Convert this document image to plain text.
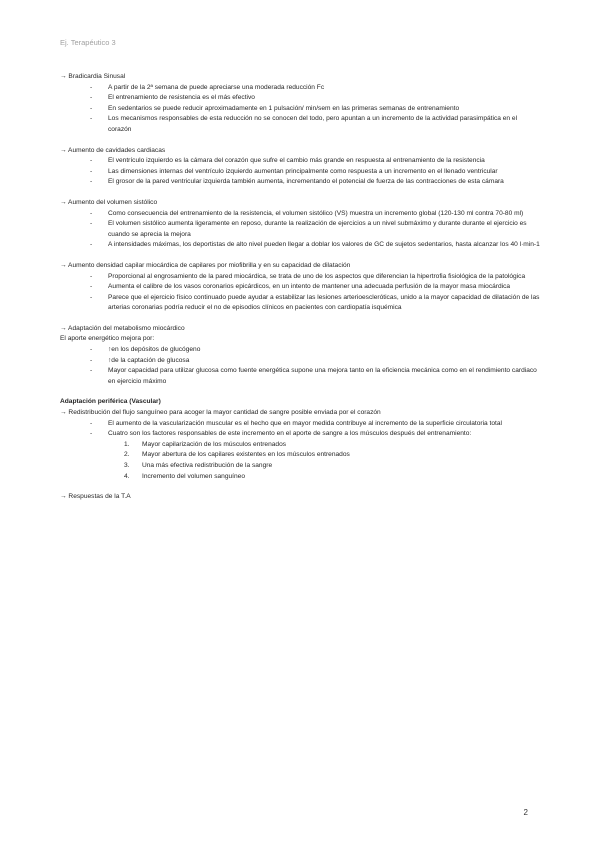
Ej. Terapéutico 3
→ Bradicardia Sinusal
- A partir de la 2ª semana de puede apreciarse una moderada reducción Fc
- El entrenamiento de resistencia es el más efectivo
- En sedentarios se puede reducir aproximadamente en 1 pulsación/ min/sem en las primeras semanas de entrenamiento
- Los mecanismos responsables de esta reducción no se conocen del todo, pero apuntan a un incremento de la actividad parasimpática en el corazón
→ Aumento de cavidades cardiacas
- El ventrículo izquierdo es la cámara del corazón que sufre el cambio más grande en respuesta al entrenamiento de la resistencia
- Las dimensiones internas del ventrículo izquierdo aumentan principalmente como respuesta a un incremento en el llenado ventricular
- El grosor de la pared ventricular izquierda también aumenta, incrementando el potencial de fuerza de las contracciones de esta cámara
→ Aumento del volumen sistólico
- Como consecuencia del entrenamiento de la resistencia, el volumen sistólico (VS) muestra un incremento global (120-130 ml contra 70-80 ml)
- El volumen sistólico aumenta ligeramente en reposo, durante la realización de ejercicios a un nivel submáximo y durante durante el ejercicio es cuando se aprecia la mejora
- A intensidades máximas, los deportistas de alto nivel pueden llegar a doblar los valores de GC de sujetos sedentarios, hasta alcanzar los 40 l·min-1
→ Aumento densidad capilar miocárdica de capilares por miofibrilla y en su capacidad de dilatación
- Proporcional al engrosamiento de la pared miocárdica, se trata de uno de los aspectos que diferencian la hipertrofia fisiológica de la patológica
- Aumenta el calibre de los vasos coronarios epicárdicos, en un intento de mantener una adecuada perfusión de la mayor masa miocárdica
- Parece que el ejercicio físico continuado puede ayudar a estabilizar las lesiones arterioescleróticas, unido a la mayor capacidad de dilatación de las arterias coronarias podría reducir el no de episodios clínicos en pacientes con cardiopatía isquémica
→ Adaptación del metabolismo miocárdico
El aporte energético mejora por:
- ↑en los depósitos de glucógeno
- ↑de la captación de glucosa
- Mayor capacidad para utilizar glucosa como fuente energética supone una mejora tanto en la eficiencia mecánica como en el rendimiento cardiaco en ejercicio máximo
Adaptación periférica (Vascular)
→ Redistribución del flujo sanguíneo para acoger la mayor cantidad de sangre posible enviada por el corazón
- El aumento de la vascularización muscular es el hecho que en mayor medida contribuye al incremento de la superficie circulatoria total
- Cuatro son los factores responsables de este incremento en el aporte de sangre a los músculos después del entrenamiento:
1. Mayor capilarización de los músculos entrenados
2. Mayor abertura de los capilares existentes en los músculos entrenados
3. Una más efectiva redistribución de la sangre
4. Incremento del volumen sanguíneo
→ Respuestas de la T.A
2
